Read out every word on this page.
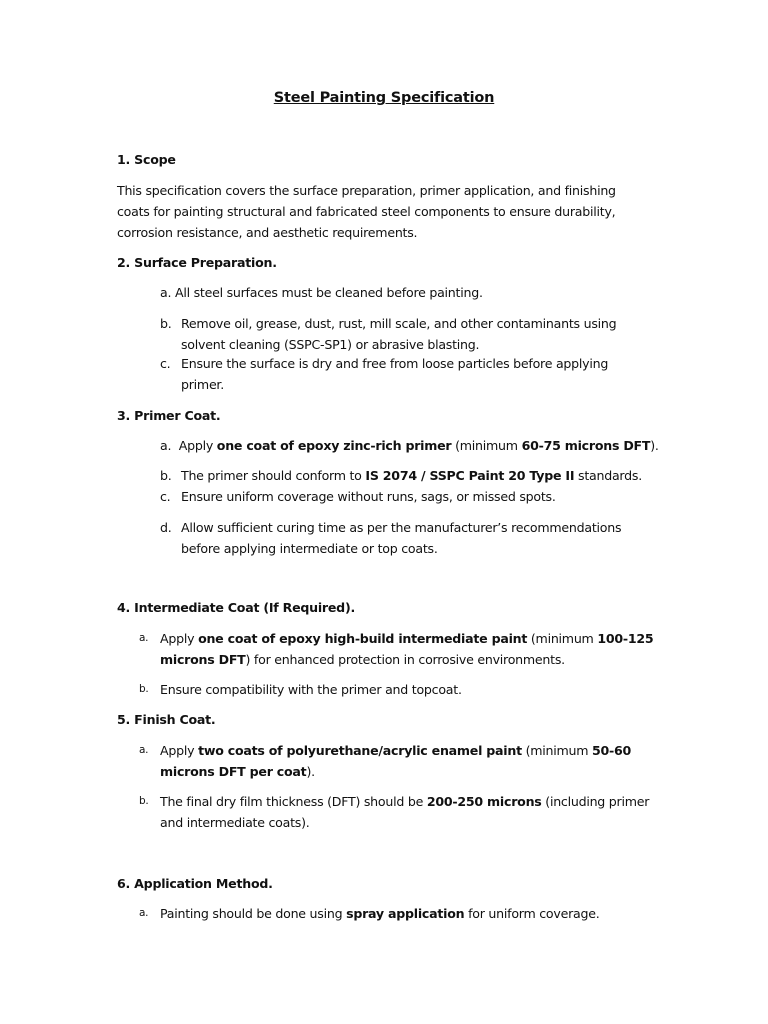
Steel Painting Specification
1. Scope
This specification covers the surface preparation, primer application, and finishing
coats for painting structural and fabricated steel components to ensure durability,
corrosion resistance, and aesthetic requirements.
2. Surface Preparation.
a. All steel surfaces must be cleaned before painting.
b. Remove oil, grease, dust, rust, mill scale, and other contaminants using
solvent cleaning (SSPC-SP1) or abrasive blasting.
c. Ensure the surface is dry and free from loose particles before applying
primer.
3. Primer Coat.
a.  Apply one coat of epoxy zinc-rich primer (minimum 60-75 microns DFT).
b. The primer should conform to IS 2074 / SSPC Paint 20 Type II standards.
c. Ensure uniform coverage without runs, sags, or missed spots.
d. Allow sufficient curing time as per the manufacturer’s recommendations
before applying intermediate or top coats.
4. Intermediate Coat (If Required).
a. Apply one coat of epoxy high-build intermediate paint (minimum 100-125
microns DFT) for enhanced protection in corrosive environments.
b. Ensure compatibility with the primer and topcoat.
5. Finish Coat.
a. Apply two coats of polyurethane/acrylic enamel paint (minimum 50-60
microns DFT per coat).
b. The final dry film thickness (DFT) should be 200-250 microns (including primer
and intermediate coats).
6. Application Method.
a. Painting should be done using spray application for uniform coverage.
